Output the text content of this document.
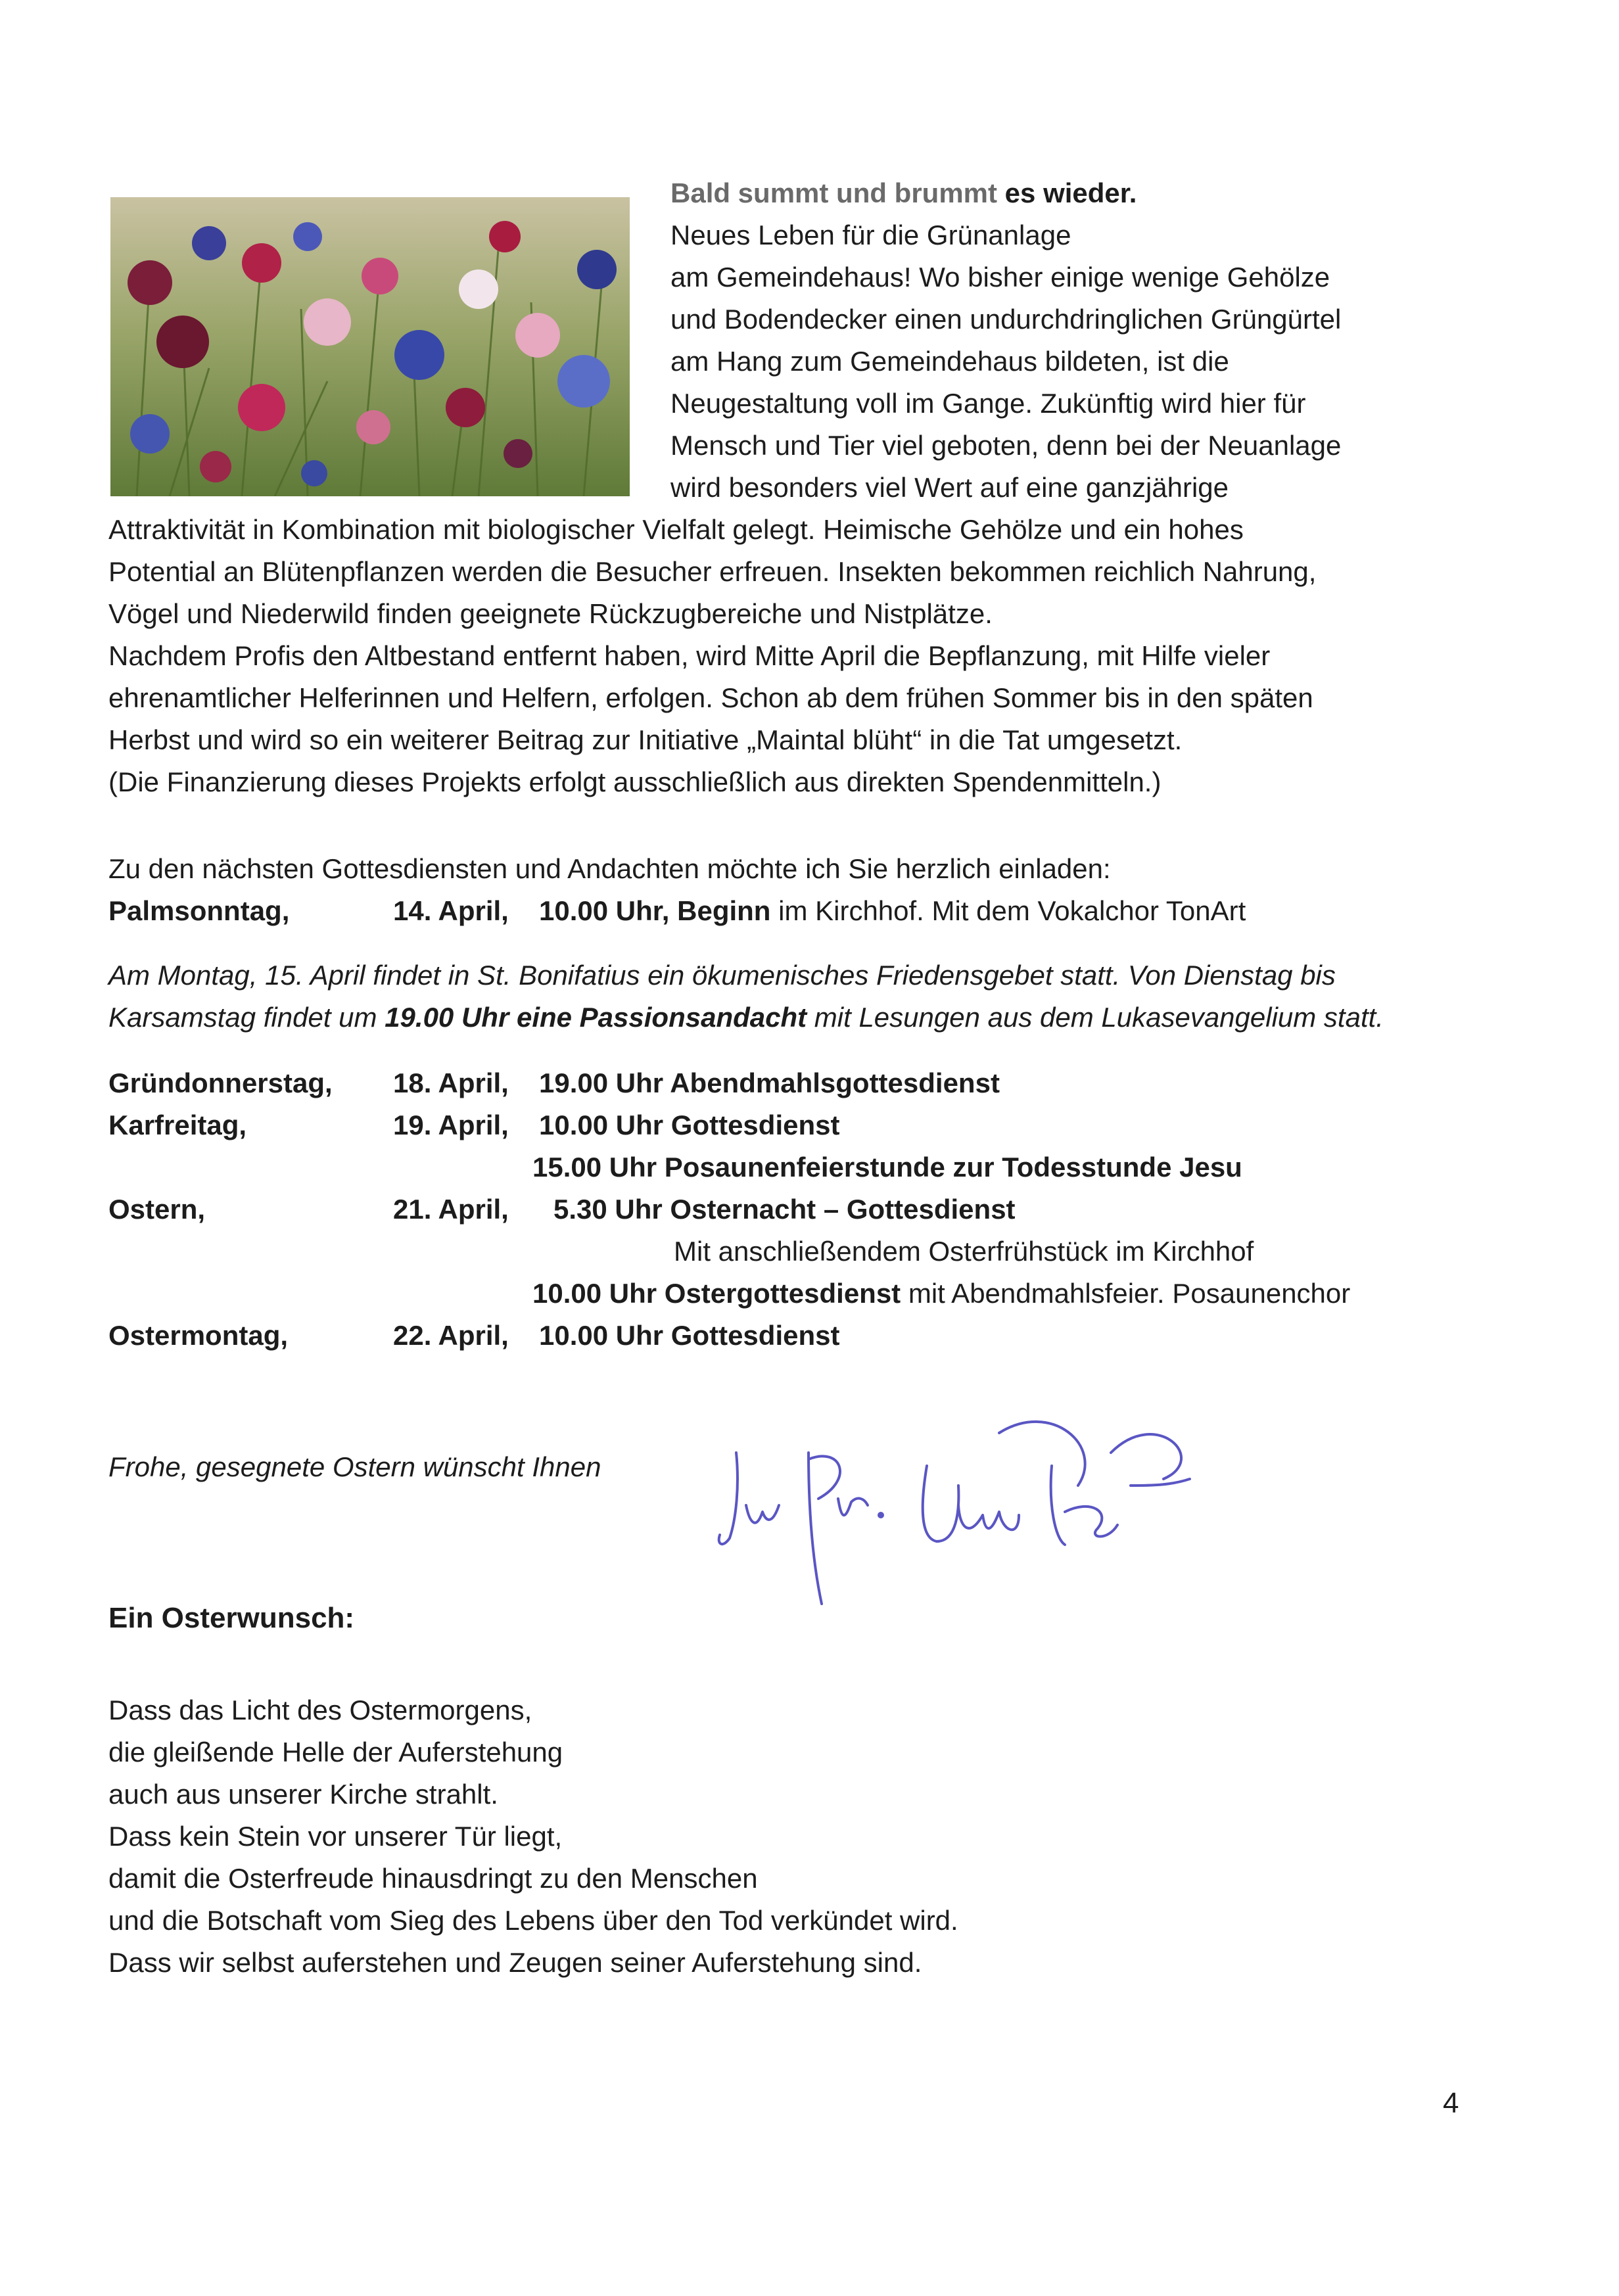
Bald summt und brummt es wieder.
Neues Leben für die Grünanlage
am Gemeindehaus! Wo bisher einige wenige Gehölze
und Bodendecker einen undurchdringlichen Grüngürtel
am Hang zum Gemeindehaus bildeten, ist die
Neugestaltung voll im Gange. Zukünftig wird hier für
Mensch und Tier viel geboten, denn bei der Neuanlage
wird besonders viel Wert auf eine ganzjährige
Attraktivität in Kombination mit biologischer Vielfalt gelegt. Heimische Gehölze und ein hohes
Potential an Blütenpflanzen werden die Besucher erfreuen. Insekten bekommen reichlich Nahrung,
Vögel und Niederwild finden geeignete Rückzugbereiche und Nistplätze.
Nachdem Profis den Altbestand entfernt haben, wird Mitte April die Bepflanzung, mit Hilfe vieler
ehrenamtlicher Helferinnen und Helfern, erfolgen. Schon ab dem frühen Sommer bis in den späten
Herbst und wird so ein weiterer Beitrag zur Initiative „Maintal blüht“ in die Tat umgesetzt.
(Die Finanzierung dieses Projekts erfolgt ausschließlich aus direkten Spendenmitteln.)
Zu den nächsten Gottesdiensten und Andachten möchte ich Sie herzlich einladen:
Palmsonntag,	14. April, 10.00 Uhr, Beginn im Kirchhof. Mit dem Vokalchor TonArt
Am Montag, 15. April findet in St. Bonifatius ein ökumenisches Friedensgebet statt. Von Dienstag bis
Karsamstag findet um 19.00 Uhr eine Passionsandacht mit Lesungen aus dem Lukasevangelium statt.
Gründonnerstag, 18. April, 19.00 Uhr Abendmahlsgottesdienst
Karfreitag,	19. April, 10.00 Uhr Gottesdienst
15.00 Uhr Posaunenfeierstunde zur Todesstunde Jesu
Ostern,	21. April, 5.30 Uhr Osternacht – Gottesdienst
Mit anschließendem Osterfrühstück im Kirchhof
10.00 Uhr Ostergottesdienst mit Abendmahlsfeier. Posaunenchor
Ostermontag,	22. April, 10.00 Uhr Gottesdienst
Frohe, gesegnete Ostern wünscht Ihnen
Ein Osterwunsch:
Dass das Licht des Ostermorgens,
die gleißende Helle der Auferstehung
auch aus unserer Kirche strahlt.
Dass kein Stein vor unserer Tür liegt,
damit die Osterfreude hinausdringt zu den Menschen
und die Botschaft vom Sieg des Lebens über den Tod verkündet wird.
Dass wir selbst auferstehen und Zeugen seiner Auferstehung sind.
4
